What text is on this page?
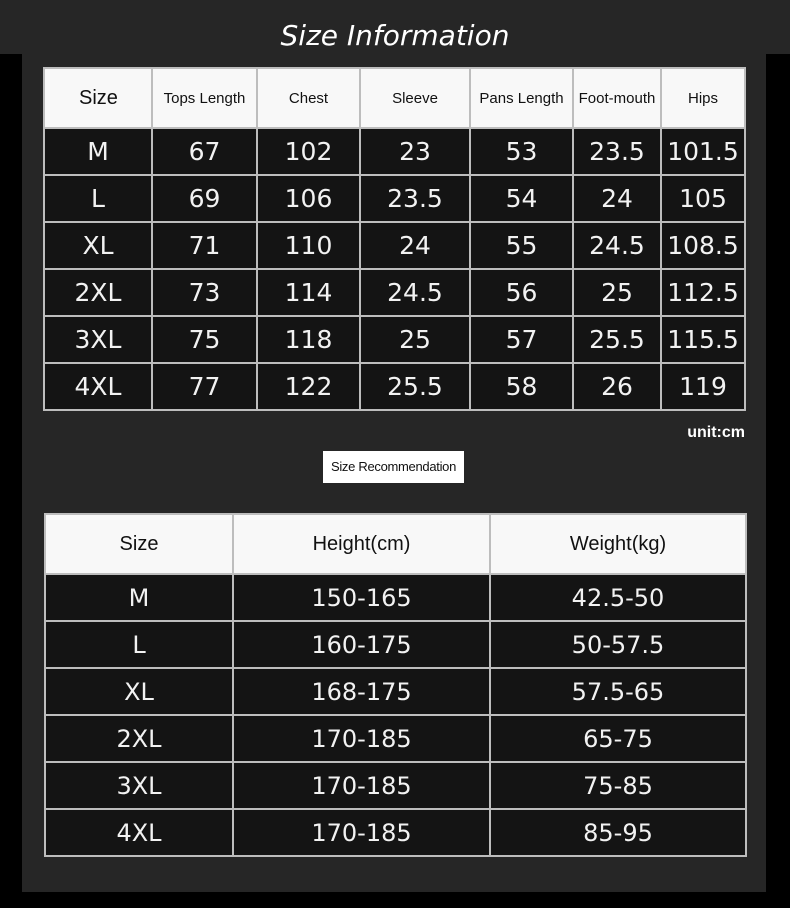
Size Information
Size	Tops Length	Chest	Sleeve	Pans Length	Foot-mouth	Hips
M	67	102	23	53	23.5	101.5
L	69	106	23.5	54	24	105
XL	71	110	24	55	24.5	108.5
2XL	73	114	24.5	56	25	112.5
3XL	75	118	25	57	25.5	115.5
4XL	77	122	25.5	58	26	119
unit:cm
Size Recommendation
Size	Height(cm)	Weight(kg)
M	150-165	42.5-50
L	160-175	50-57.5
XL	168-175	57.5-65
2XL	170-185	65-75
3XL	170-185	75-85
4XL	170-185	85-95
